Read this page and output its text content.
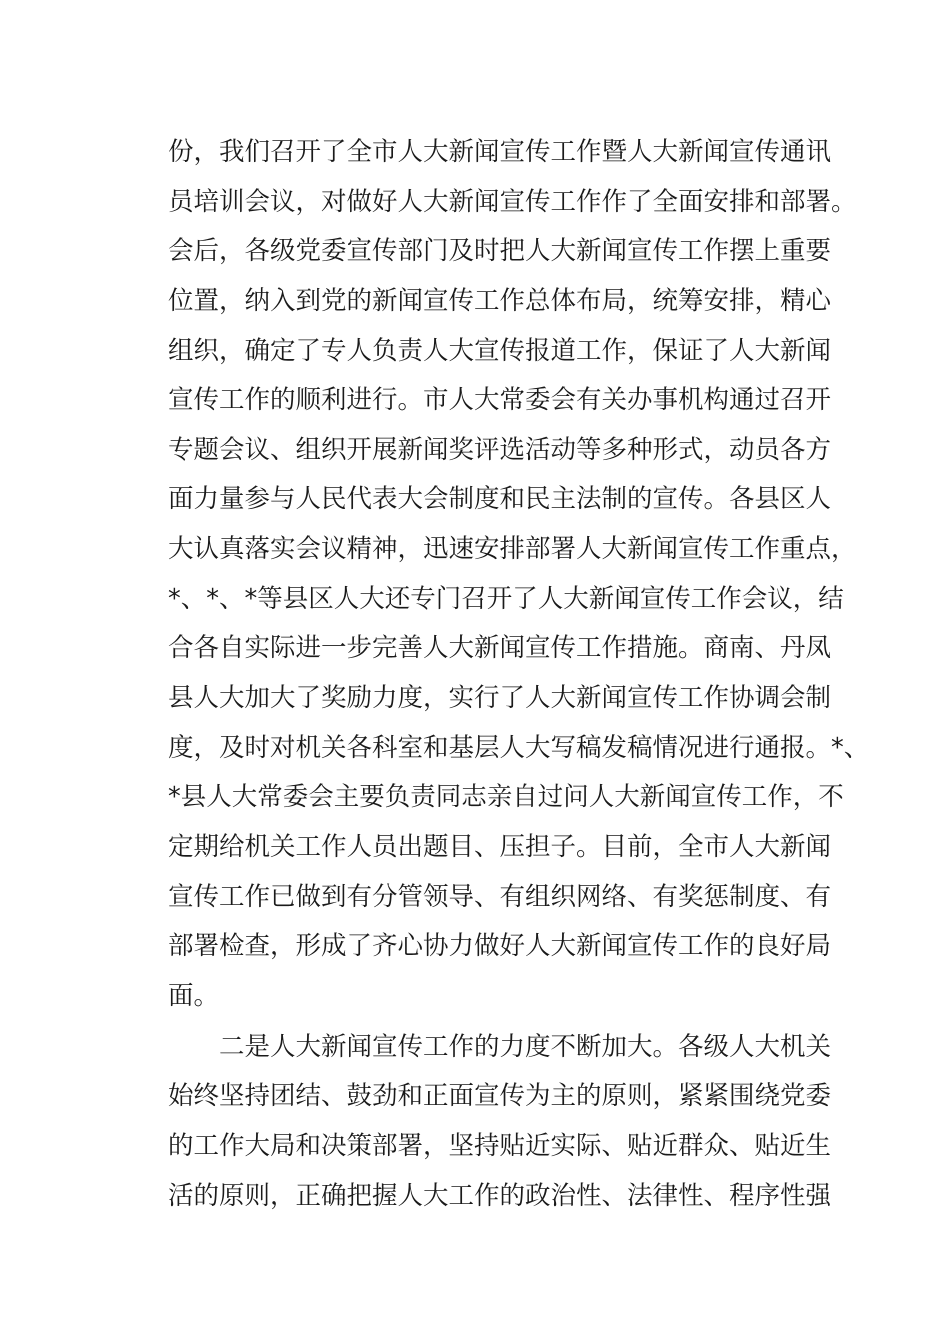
份，我们召开了全市人大新闻宣传工作暨人大新闻宣传通讯
员培训会议，对做好人大新闻宣传工作作了全面安排和部署。
会后，各级党委宣传部门及时把人大新闻宣传工作摆上重要
位置，纳入到党的新闻宣传工作总体布局，统筹安排，精心
组织，确定了专人负责人大宣传报道工作，保证了人大新闻
宣传工作的顺利进行。市人大常委会有关办事机构通过召开
专题会议、组织开展新闻奖评选活动等多种形式，动员各方
面力量参与人民代表大会制度和民主法制的宣传。各县区人
大认真落实会议精神，迅速安排部署人大新闻宣传工作重点，
*、*、*等县区人大还专门召开了人大新闻宣传工作会议，结
合各自实际进一步完善人大新闻宣传工作措施。商南、丹凤
县人大加大了奖励力度，实行了人大新闻宣传工作协调会制
度，及时对机关各科室和基层人大写稿发稿情况进行通报。*、
*县人大常委会主要负责同志亲自过问人大新闻宣传工作，不
定期给机关工作人员出题目、压担子。目前，全市人大新闻
宣传工作已做到有分管领导、有组织网络、有奖惩制度、有
部署检查，形成了齐心协力做好人大新闻宣传工作的良好局
面。
　　二是人大新闻宣传工作的力度不断加大。各级人大机关
始终坚持团结、鼓劲和正面宣传为主的原则，紧紧围绕党委
的工作大局和决策部署，坚持贴近实际、贴近群众、贴近生
活的原则，正确把握人大工作的政治性、法律性、程序性强
